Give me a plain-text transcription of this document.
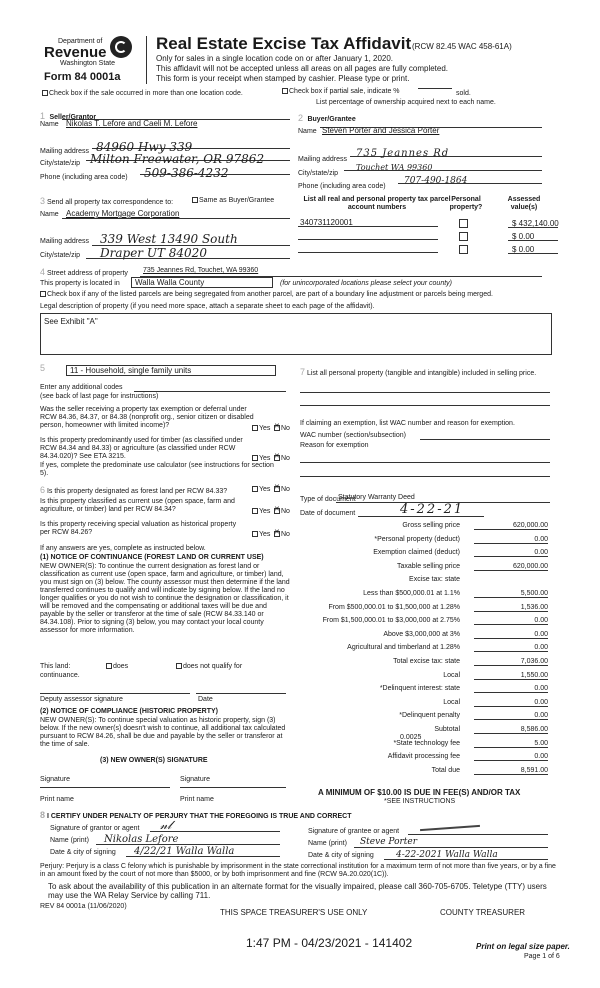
Department of
Revenue
Washington State
Form 84 0001a
Real Estate Excise Tax Affidavit (RCW 82.45 WAC 458-61A)
Only for sales in a single location code on or after January 1, 2020.
This affidavit will not be accepted unless all areas on all pages are fully completed.
This form is your receipt when stamped by cashier. Please type or print.
Check box if the sale occurred in more than one location code.	Check box if partial sale, indicate %	sold.
List percentage of ownership acquired next to each name.
1 Seller/Grantor
Name Nikolas T. Lefore and Caeli M. Lefore
Mailing address 84960 Hwy 339
City/state/zip Milton Freewater, OR 97862
Phone (including area code) 509-386-4232
2 Buyer/Grantee
Name Steven Porter and Jessica Porter
Mailing address
735 Jeannes Rd
City/state/zip
Touchet WA 99360
Phone (including area code)
707-490-1864
3 Send all property tax correspondence to:	Same as Buyer/Grantee
Name Academy Mortgage Corporation
Mailing address 339 West 13490 South
City/state/zip Draper UT 84020
List all real and personal property tax parcel account numbers
Personal property?
Assessed value(s)
340731120001	$ 432,140.00
$ 0.00
$ 0.00
4 Street address of property 735 Jeannes Rd, Touchet, WA 99360
This property is located in	Walla Walla County	(for unincorporated locations please select your county)
Check box if any of the listed parcels are being segregated from another parcel, are part of a boundary line adjustment or parcels being merged.
Legal description of property (if you need more space, attach a separate sheet to each page of the affidavit).
See Exhibit "A"
5	11 - Household, single family units
Enter any additional codes
(see back of last page for instructions)
Was the seller receiving a property tax exemption or deferral under RCW 84.36, 84.37, or 84.38 (nonprofit org., senior citizen or disabled person, homeowner with limited income)?	Yes ✕	No
Is this property predominantly used for timber (as classified under RCW 84.34 and 84.33) or agriculture (as classified under RCW 84.34.020)? See ETA 3215.	Yes ✕	No
If yes, complete the predominate use calculator (see instructions for section 5).
6 Is this property designated as forest land per RCW 84.33?	Yes ✕	No
Is this property classified as current use (open space, farm and agriculture, or timber) land per RCW 84.34?	Yes ✕	No
Is this property receiving special valuation as historical property per RCW 84.26?	Yes ✕	No
If any answers are yes, complete as instructed below.
(1) NOTICE OF CONTINUANCE (FOREST LAND OR CURRENT USE)
NEW OWNER(S): To continue the current designation as forest land or classification as current use (open space, farm and agriculture, or timber) land, you must sign on (3) below. The county assessor must then determine if the land transferred continues to qualify and will indicate by signing below. If the land no longer qualifies or you do not wish to continue the designation or classification, it will be removed and the compensating or additional taxes will be due and payable by the seller or transferor at the time of sale (RCW 84.33.140 or 84.34.108). Prior to signing (3) below, you may contact your local county assessor for more information.
This land:	does	does not qualify for
continuance.
Deputy assessor signature	Date
(2) NOTICE OF COMPLIANCE (HISTORIC PROPERTY)
NEW OWNER(S): To continue special valuation as historic property, sign (3) below. If the new owner(s) doesn't wish to continue, all additional tax calculated pursuant to RCW 84.26, shall be due and payable by the seller or transferor at the time of sale.
(3) NEW OWNER(S) SIGNATURE
Signature	Signature
Print name	Print name
7 List all personal property (tangible and intangible) included in selling price.
If claiming an exemption, list WAC number and reason for exemption.
WAC number (section/subsection)
Reason for exemption
Type of document
Statutory Warranty Deed
Date of document	4-22-21
Gross selling price	620,000.00
*Personal property (deduct)	0.00
Exemption claimed (deduct)	0.00
Taxable selling price	620,000.00
Excise tax: state
Less than $500,000.01 at 1.1%	5,500.00
From $500,000.01 to $1,500,000 at 1.28%	1,536.00
From $1,500,000.01 to $3,000,000 at 2.75%	0.00
Above $3,000,000 at 3%	0.00
Agricultural and timberland at 1.28%	0.00
Total excise tax: state	7,036.00
Local	1,550.00
*Delinquent interest: state	0.00
Local	0.00
*Delinquent penalty	0.00
Subtotal	8,586.00
*State technology fee	5.00
Affidavit processing fee	0.00
Total due	8,591.00
0.0025
A MINIMUM OF $10.00 IS DUE IN FEE(S) AND/OR TAX
*SEE INSTRUCTIONS
8 I CERTIFY UNDER PENALTY OF PERJURY THAT THE FOREGOING IS TRUE AND CORRECT
Signature of grantor or agent 𝓃𝓁
Name (print) Nikolas Lefore
Date & city of signing 4/22/21 Walla Walla
Signature of grantee or agent
Name (print) Steve Porter
Date & city of signing 4-22-2021 Walla Walla
Perjury: Perjury is a class C felony which is punishable by imprisonment in the state correctional institution for a maximum term of not more than five years, or by a fine in an amount fixed by the court of not more than $5000, or by both imprisonment and fine (RCW 9A.20.020(1C)).
To ask about the availability of this publication in an alternate format for the visually impaired, please call 360-705-6705. Teletype (TTY) users may use the WA Relay Service by calling 711.
REV 84 0001a (11/06/2020)
THIS SPACE TREASURER'S USE ONLY	COUNTY TREASURER
1:47 PM - 04/23/2021 - 141402	Print on legal size paper.
Page 1 of 6
